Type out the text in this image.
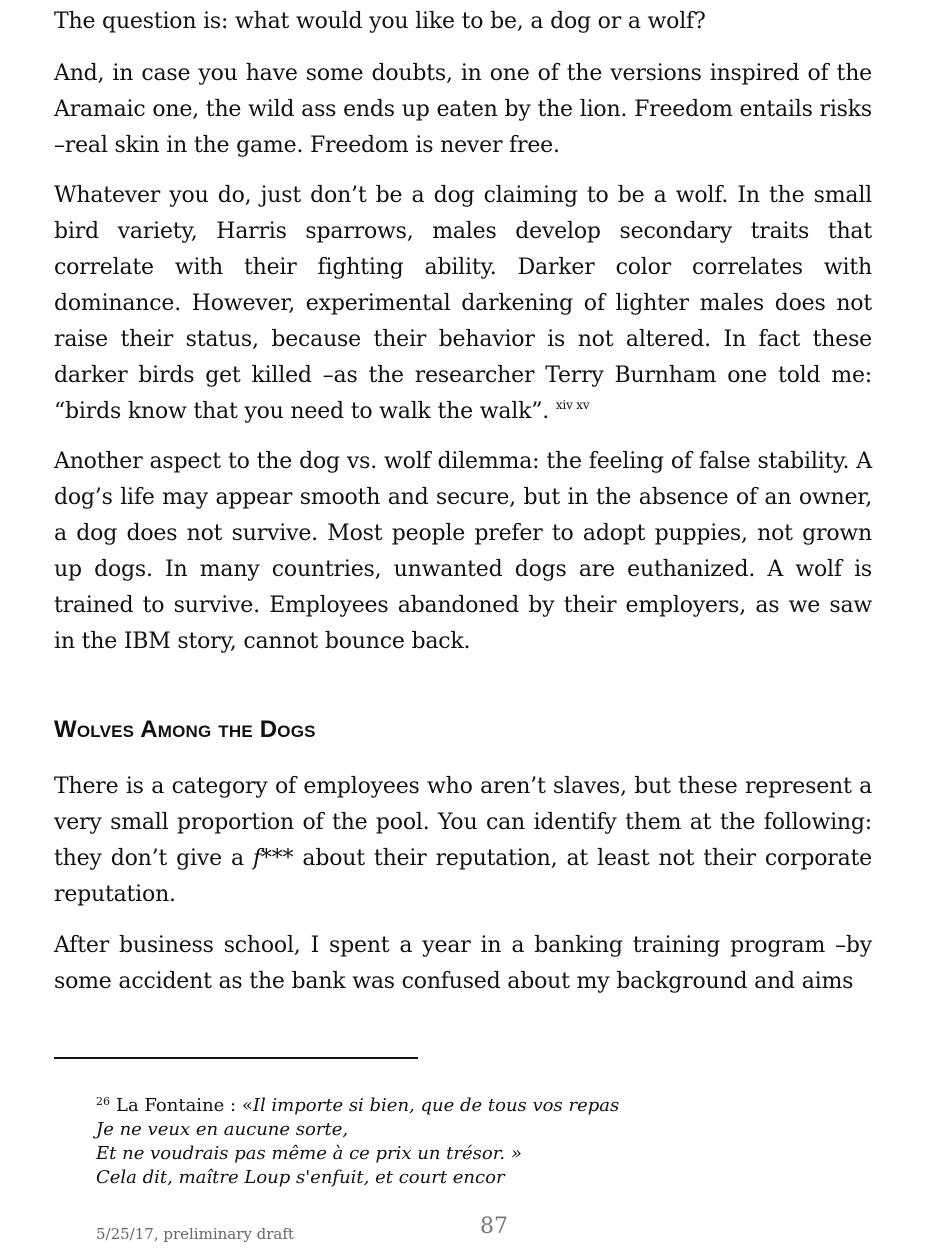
The question is: what would you like to be, a dog or a wolf?

And, in case you have some doubts, in one of the versions inspired of the Aramaic one, the wild ass ends up eaten by the lion. Freedom entails risks –real skin in the game. Freedom is never free.

Whatever you do, just don’t be a dog claiming to be a wolf. In the small bird variety, Harris sparrows, males develop secondary traits that correlate with their fighting ability. Darker color correlates with dominance. However, experimental darkening of lighter males does not raise their status, because their behavior is not altered. In fact these darker birds get killed –as the researcher Terry Burnham one told me: “birds know that you need to walk the walk”. $^{xiv xv}$

Another aspect to the dog vs. wolf dilemma: the feeling of false stability. A dog’s life may appear smooth and secure, but in the absence of an owner, a dog does not survive. Most people prefer to adopt puppies, not grown up dogs. In many countries, unwanted dogs are euthanized. A wolf is trained to survive. Employees abandoned by their employers, as we saw in the IBM story, cannot bounce back.

Wolves Among the Dogs

There is a category of employees who aren’t slaves, but these represent a very small proportion of the pool. You can identify them at the following: they don’t give a f*** about their reputation, at least not their corporate reputation.

After business school, I spent a year in a banking training program –by some accident as the bank was confused about my background and aims

$^{26}$ La Fontaine : «Il importe si bien, que de tous vos repas
Je ne veux en aucune sorte,
Et ne voudrais pas même à ce prix un trésor. »
Cela dit, maître Loup s'enfuit, et court encor
5/25/17, preliminary draft	87
